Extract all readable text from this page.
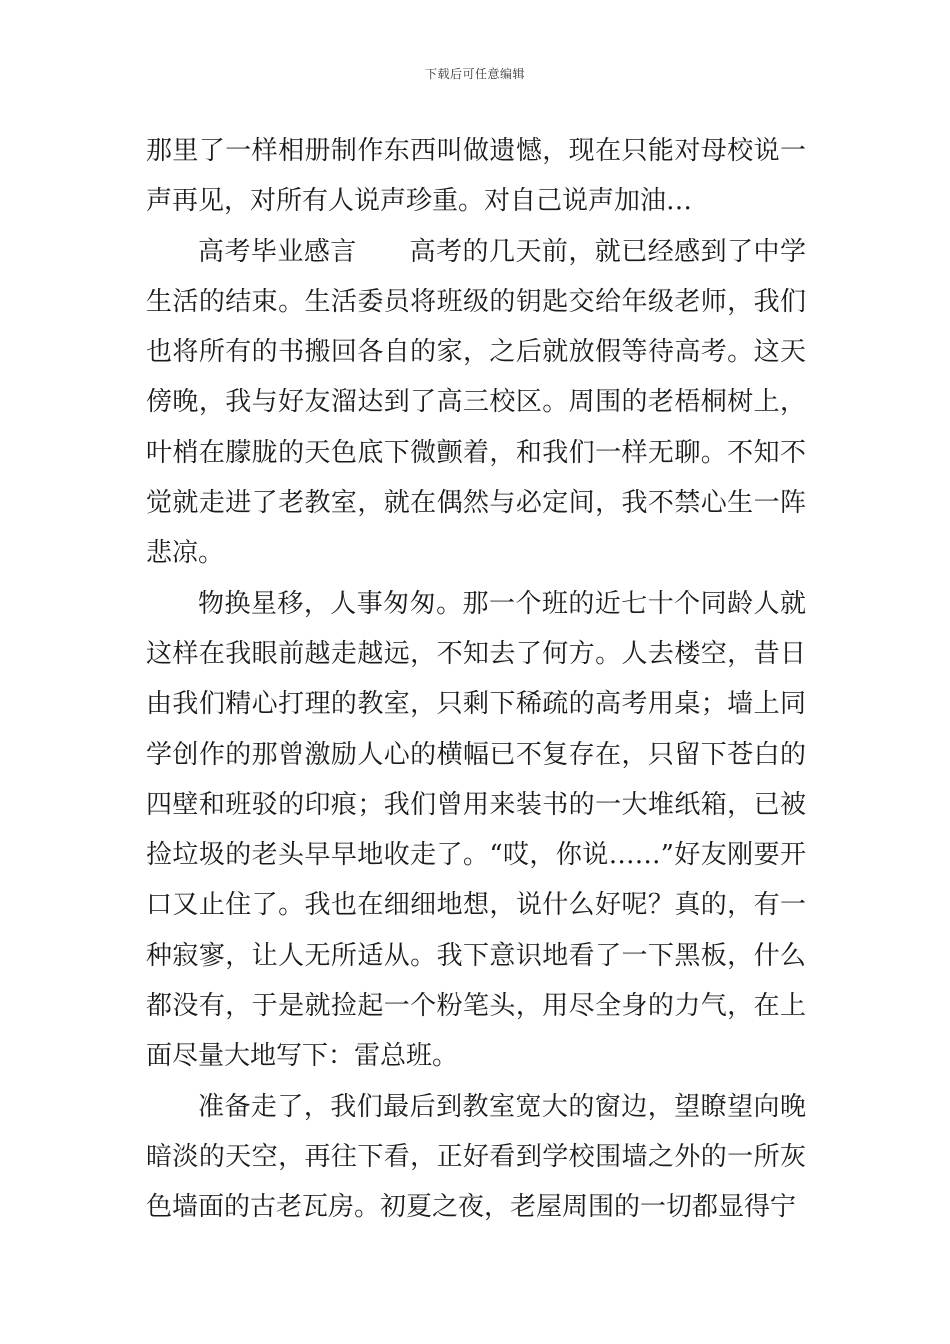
下载后可任意编辑

那里了一样相册制作东西叫做遗憾，现在只能对母校说一声再见，对所有人说声珍重。对自己说声加油…

高考毕业感言　　高考的几天前，就已经感到了中学生活的结束。生活委员将班级的钥匙交给年级老师，我们也将所有的书搬回各自的家，之后就放假等待高考。这天傍晚，我与好友溜达到了高三校区。周围的老梧桐树上，叶梢在朦胧的天色底下微颤着，和我们一样无聊。不知不觉就走进了老教室，就在偶然与必定间，我不禁心生一阵悲凉。

物换星移，人事匆匆。那一个班的近七十个同龄人就这样在我眼前越走越远，不知去了何方。人去楼空，昔日由我们精心打理的教室，只剩下稀疏的高考用桌；墙上同学创作的那曾激励人心的横幅已不复存在，只留下苍白的四壁和班驳的印痕；我们曾用来装书的一大堆纸箱，已被捡垃圾的老头早早地收走了。“哎，你说……”好友刚要开口又止住了。我也在细细地想，说什么好呢？真的，有一种寂寥，让人无所适从。我下意识地看了一下黑板，什么都没有，于是就捡起一个粉笔头，用尽全身的力气，在上面尽量大地写下：雷总班。

准备走了，我们最后到教室宽大的窗边，望瞭望向晚暗淡的天空，再往下看，正好看到学校围墙之外的一所灰色墙面的古老瓦房。初夏之夜，老屋周围的一切都显得宁
